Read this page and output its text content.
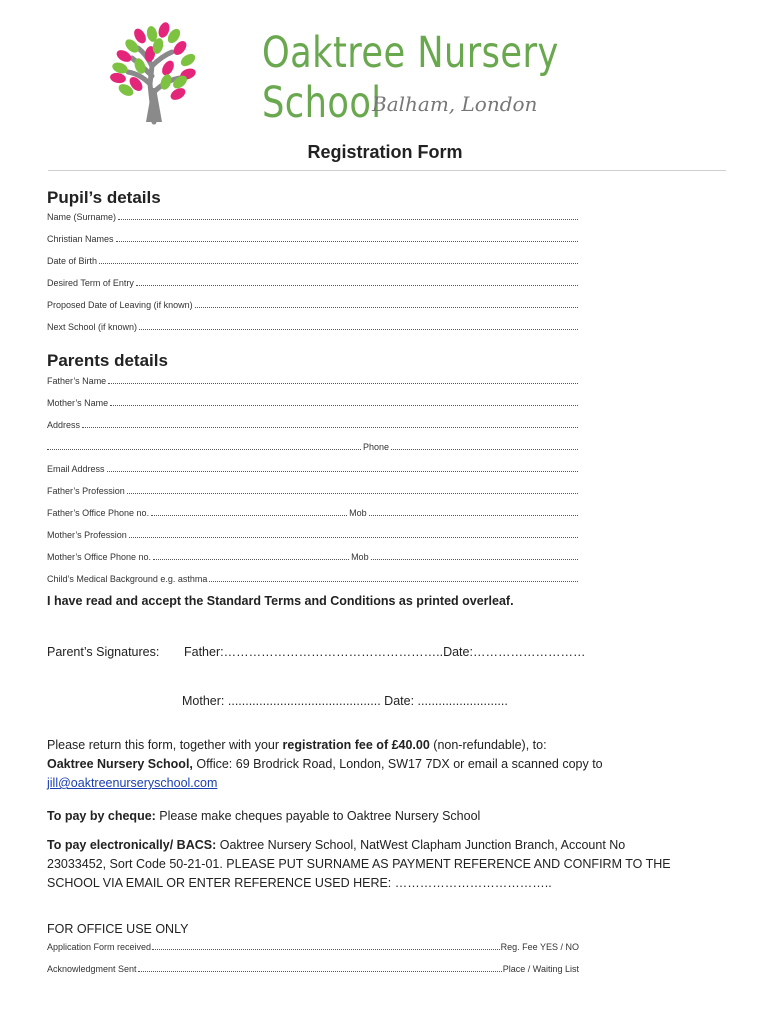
Oaktree Nursery School
Balham, London
Registration Form
Pupil’s details
Name (Surname)
Christian Names
Date of Birth
Desired Term of Entry
Proposed Date of Leaving (if known)
Next School (if known)
Parents details
Father’s Name
Mother’s Name
Address
Phone
Email Address
Father’s Profession
Father’s Office Phone no.	Mob
Mother’s Profession
Mother’s Office Phone no.	Mob
Child’s Medical Background e.g. asthma
I have read and accept the Standard Terms and Conditions as printed overleaf.
Parent’s Signatures: Father:……………………………………………..Date:………………………
Mother: ............................................ Date: ..........................
Please return this form, together with your registration fee of £40.00 (non-refundable), to:
Oaktree Nursery School, Office: 69 Brodrick Road, London, SW17 7DX or email a scanned copy to
jill@oaktreenurseryschool.com
To pay by cheque: Please make cheques payable to Oaktree Nursery School
To pay electronically/ BACS: Oaktree Nursery School, NatWest Clapham Junction Branch, Account No
23033452, Sort Code 50-21-01. PLEASE PUT SURNAME AS PAYMENT REFERENCE AND CONFIRM TO THE
SCHOOL VIA EMAIL OR ENTER REFERENCE USED HERE: ………………………………..
FOR OFFICE USE ONLY
Application Form received	Reg. Fee YES / NO
Acknowledgment Sent	Place / Waiting List
